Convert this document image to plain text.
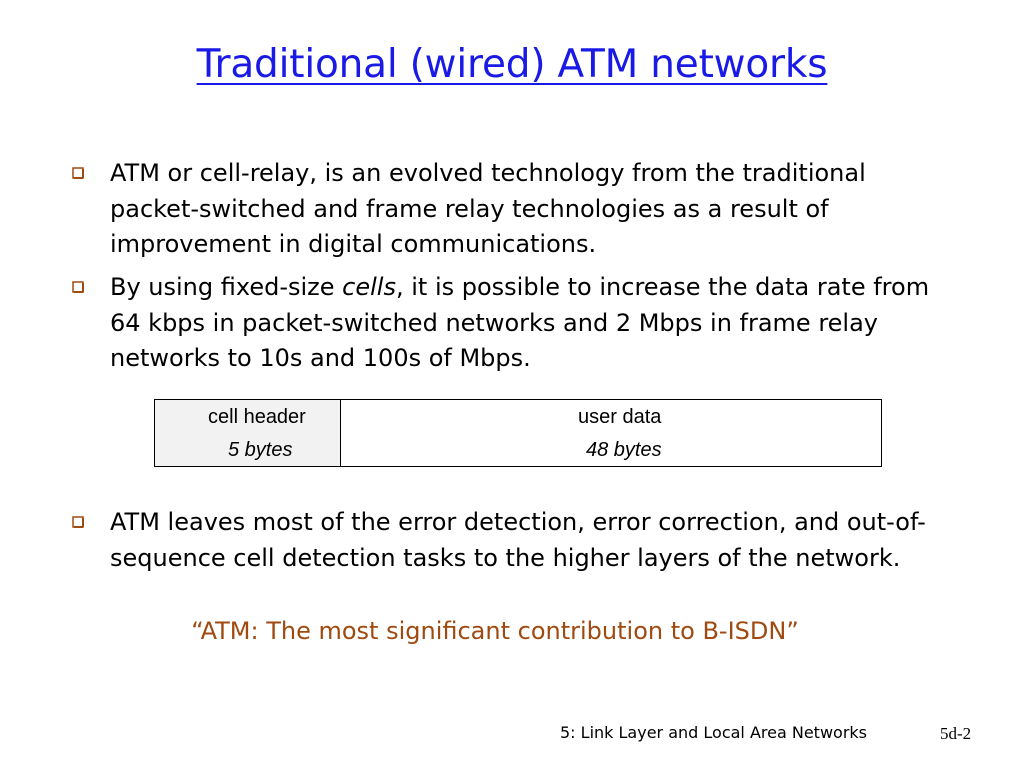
Traditional (wired) ATM networks
ATM or cell-relay, is an evolved technology from the traditional packet-switched and frame relay technologies as a result of improvement in digital communications.
By using fixed-size cells, it is possible to increase the data rate from 64 kbps in packet-switched networks and 2 Mbps in frame relay networks to 10s and 100s of Mbps.
cell header
5 bytes
user data
48 bytes
ATM leaves most of the error detection, error correction, and out-of-sequence cell detection tasks to the higher layers of the network.
“ATM: The most significant contribution to B-ISDN”
5: Link Layer and Local Area Networks	5d-2
